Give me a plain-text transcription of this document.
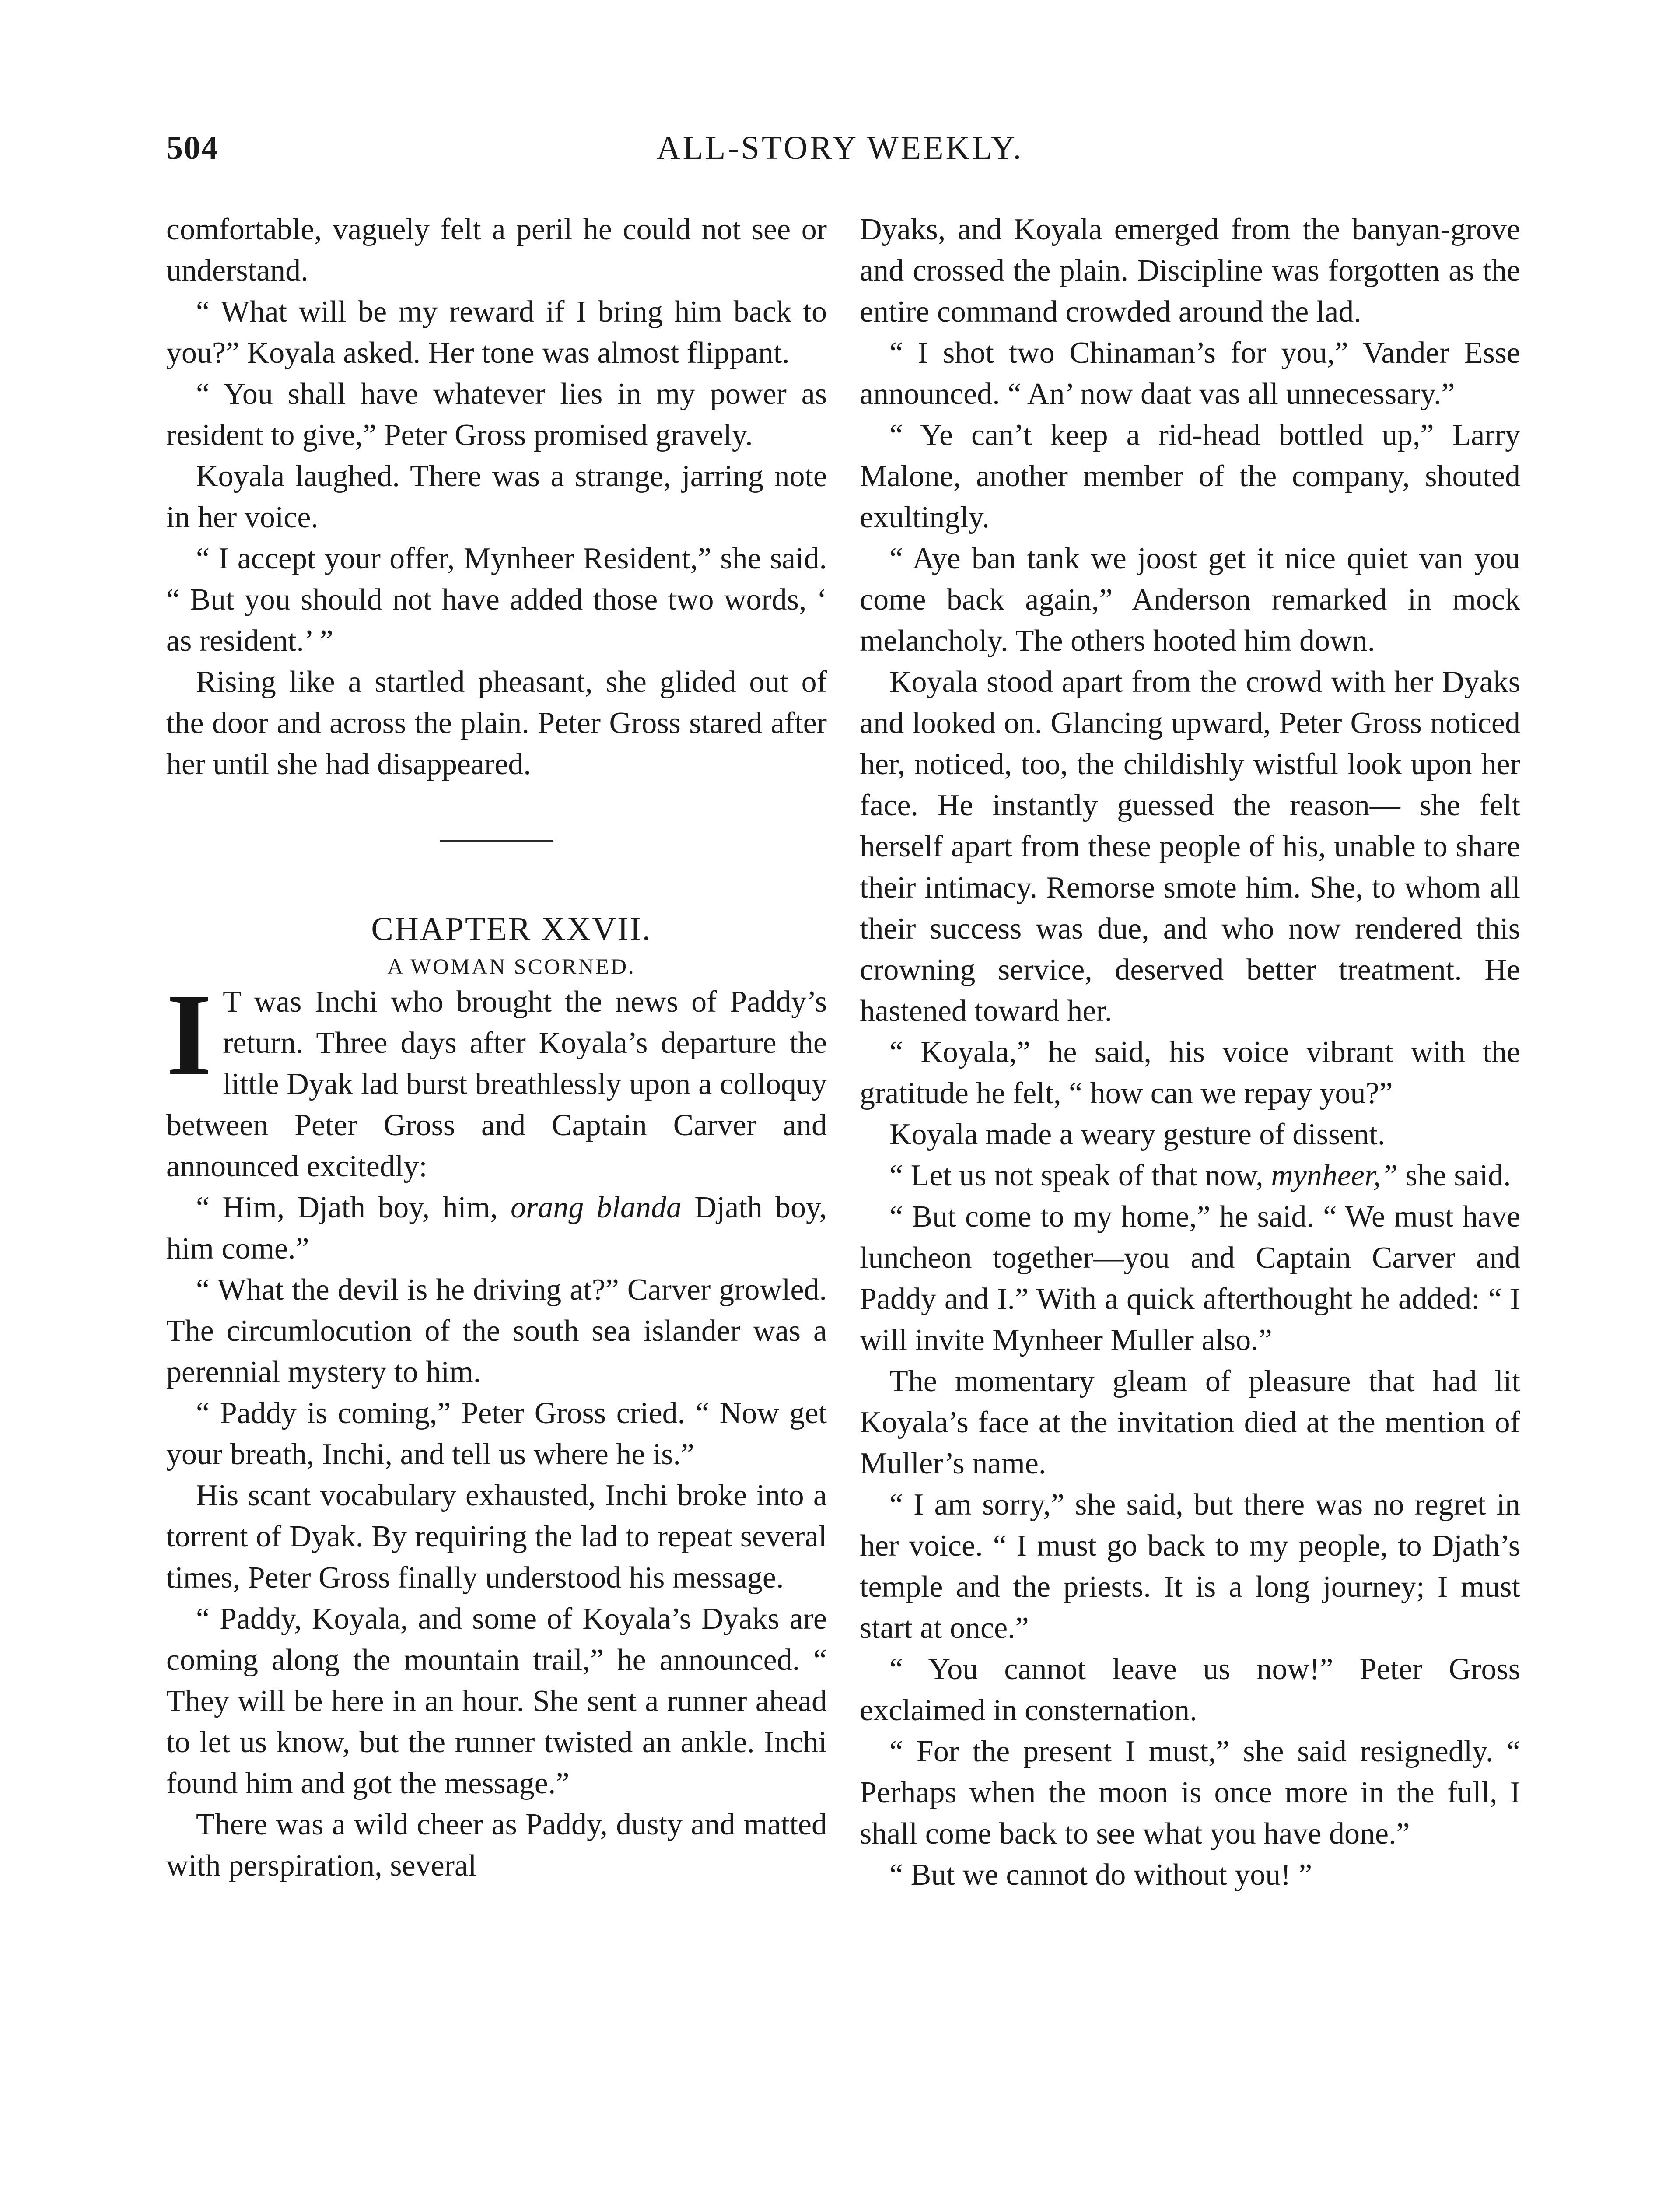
504	ALL-STORY WEEKLY.

comfortable, vaguely felt a peril he could not see or understand.

“ What will be my reward if I bring him back to you?” Koyala asked. Her tone was almost flippant.

“ You shall have whatever lies in my power as resident to give,” Peter Gross promised gravely.

Koyala laughed. There was a strange, jarring note in her voice.

“ I accept your offer, Mynheer Resident,” she said. “ But you should not have added those two words, ‘ as resident.’ ”

Rising like a startled pheasant, she glided out of the door and across the plain. Peter Gross stared after her until she had disappeared.

CHAPTER XXVII.

A WOMAN SCORNED.

I T was Inchi who brought the news of Paddy’s return. Three days after Koyala’s departure the little Dyak lad burst breathlessly upon a colloquy between Peter Gross and Captain Carver and announced excitedly:

“ Him, Djath boy, him, orang blanda Djath boy, him come.”

“ What the devil is he driving at?” Carver growled. The circumlocution of the south sea islander was a perennial mystery to him.

“ Paddy is coming,” Peter Gross cried. “ Now get your breath, Inchi, and tell us where he is.”

His scant vocabulary exhausted, Inchi broke into a torrent of Dyak. By requiring the lad to repeat several times, Peter Gross finally understood his message.

“ Paddy, Koyala, and some of Koyala’s Dyaks are coming along the mountain trail,” he announced. “ They will be here in an hour. She sent a runner ahead to let us know, but the runner twisted an ankle. Inchi found him and got the message.”

There was a wild cheer as Paddy, dusty and matted with perspiration, several

Dyaks, and Koyala emerged from the banyan-grove and crossed the plain. Discipline was forgotten as the entire command crowded around the lad.

“ I shot two Chinaman’s for you,” Vander Esse announced. “ An’ now daat vas all unnecessary.”

“ Ye can’t keep a rid-head bottled up,” Larry Malone, another member of the company, shouted exultingly.

“ Aye ban tank we joost get it nice quiet van you come back again,” Anderson remarked in mock melancholy. The others hooted him down.

Koyala stood apart from the crowd with her Dyaks and looked on. Glancing upward, Peter Gross noticed her, noticed, too, the childishly wistful look upon her face. He instantly guessed the reason— she felt herself apart from these people of his, unable to share their intimacy. Remorse smote him. She, to whom all their success was due, and who now rendered this crowning service, deserved better treatment. He hastened toward her.

“ Koyala,” he said, his voice vibrant with the gratitude he felt, “ how can we repay you?”

Koyala made a weary gesture of dissent.

“ Let us not speak of that now, mynheer,” she said.

“ But come to my home,” he said. “ We must have luncheon together—you and Captain Carver and Paddy and I.” With a quick afterthought he added: “ I will invite Mynheer Muller also.”

The momentary gleam of pleasure that had lit Koyala’s face at the invitation died at the mention of Muller’s name.

“ I am sorry,” she said, but there was no regret in her voice. “ I must go back to my people, to Djath’s temple and the priests. It is a long journey; I must start at once.”

“ You cannot leave us now!” Peter Gross exclaimed in consternation.

“ For the present I must,” she said resignedly. “ Perhaps when the moon is once more in the full, I shall come back to see what you have done.”

“ But we cannot do without you! ”
